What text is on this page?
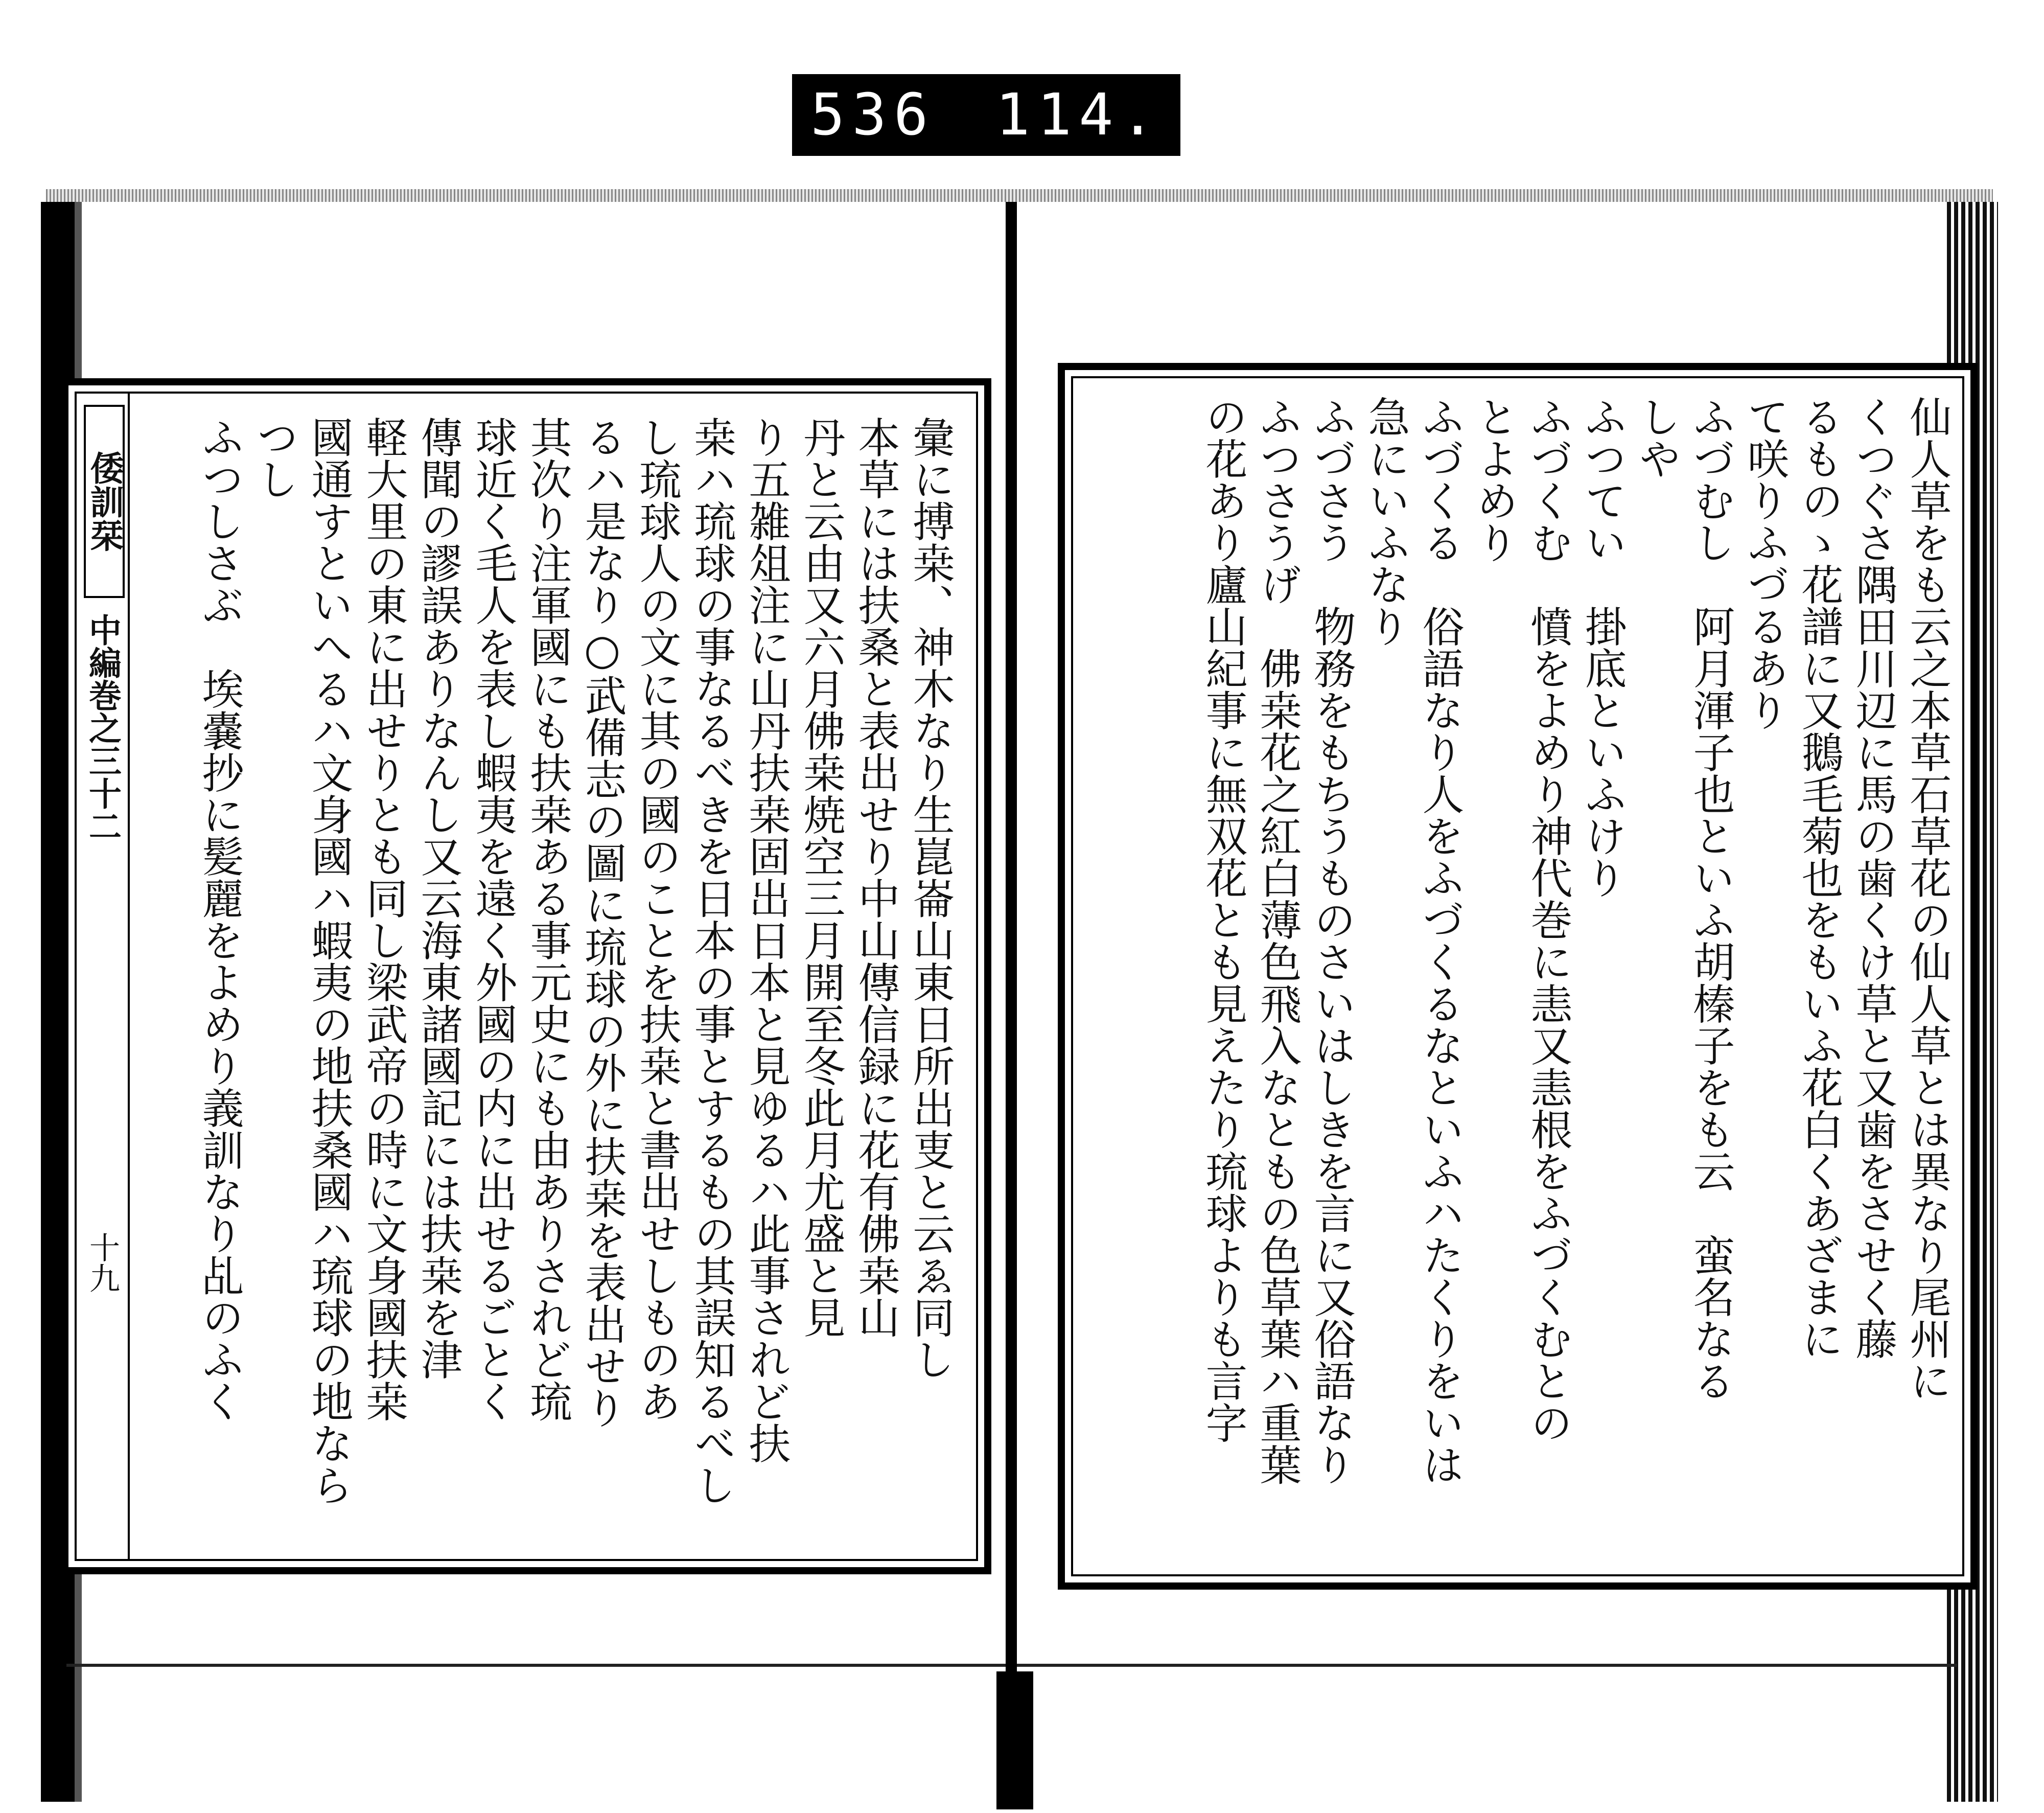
536 114.
倭訓栞
中編巻之三十二
十九	彙に搏桒、神木なり生崑崙山東日所出叓と云ゑ同し
本草には扶桑と表出せり中山傳信録に花有佛桒山
丹と云由又六月佛桒焼空三月開至冬此月尤盛と見
り五雑俎注に山丹扶桒固出日本と見ゆるハ此事されど扶
桒ハ琉球の事なるべきを日本の事とするもの其誤知るべし
し琉球人の文に其の國のことを扶桒と書出せしものあ
るハ是なり○武備志の圖に琉球の外に扶桒を表出せり
其次り注軍國にも扶桒ある事元史にも由ありされど琉
球近く毛人を表し蝦夷を遠く外國の内に出せるごとく
傳聞の謬誤ありなんし又云海東諸國記には扶桒を津
軽大里の東に出せりとも同し梁武帝の時に文身國扶桒
國通すといへるハ文身國ハ蝦夷の地扶桑國ハ琉球の地なら
つし
ふつしさぶ　埃嚢抄に髪麗をよめり義訓なり乩のふく	仙人草をも云之本草石草花の仙人草とは異なり尾州に
くつぐさ隅田川辺に馬の歯くけ草と又歯をさせく藤
るものゝ花譜に又鵝毛菊也をもいふ花白くあざまに
て咲りふづるあり
ふづむし　阿月渾子也といふ胡榛子をも云　蛮名なる
しや
ふつてい　掛底といふけり
ふづくむ　憤をよめり神代巻に恚又恚根をふづくむとの
とよめり
ふづくる　俗語なり人をふづくるなといふハたくりをいは
急にいふなり
ふづさう　物務をもちうものさいはしきを言に又俗語なり
ふつさうげ　佛桒花之紅白薄色飛入なともの色草葉ハ重葉
の花あり廬山紀事に無双花とも見えたり琉球よりも言字
